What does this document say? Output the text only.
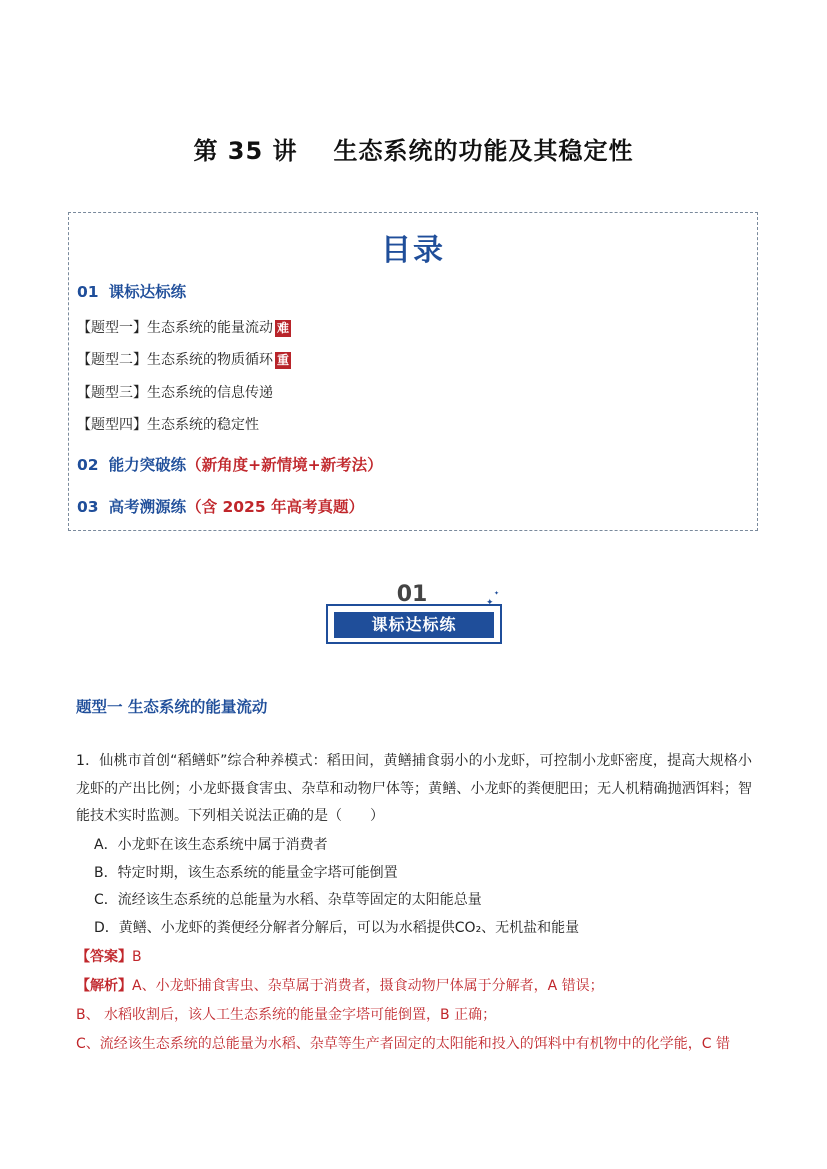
第 35 讲 生态系统的功能及其稳定性
目录
01 课标达标练
【题型一】生态系统的能量流动 难
【题型二】生态系统的物质循环 重
【题型三】生态系统的信息传递
【题型四】生态系统的稳定性
02 能力突破练（新角度+新情境+新考法）
03 高考溯源练（含 2025 年高考真题）
01
课标达标练
✦
✦
题型一 生态系统的能量流动
1．仙桃市首创“稻鳝虾”综合种养模式：稻田间，黄鳝捕食弱小的小龙虾，可控制小龙虾密度，提高大规格小龙虾的产出比例；小龙虾摄食害虫、杂草和动物尸体等；黄鳝、小龙虾的粪便肥田；无人机精确抛洒饵料；智能技术实时监测。下列相关说法正确的是（　　）
A．小龙虾在该生态系统中属于消费者
B．特定时期，该生态系统的能量金字塔可能倒置
C．流经该生态系统的总能量为水稻、杂草等固定的太阳能总量
D．黄鳝、小龙虾的粪便经分解者分解后，可以为水稻提供CO₂、无机盐和能量
【答案】B
【解析】A、小龙虾捕食害虫、杂草属于消费者，摄食动物尸体属于分解者，A 错误；
B、 水稻收割后，该人工生态系统的能量金字塔可能倒置，B 正确；
C、流经该生态系统的总能量为水稻、杂草等生产者固定的太阳能和投入的饵料中有机物中的化学能，C 错
